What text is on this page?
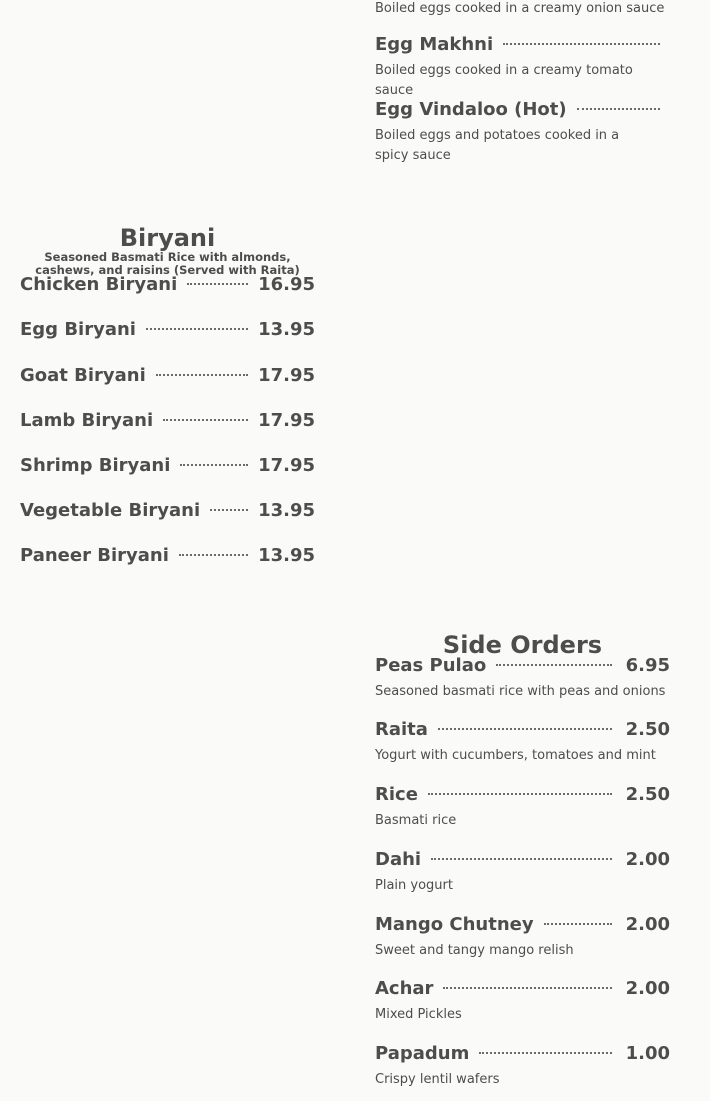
Boiled eggs cooked in a creamy onion sauce
Egg Makhni
Boiled eggs cooked in a creamy tomato sauce
Egg Vindaloo (Hot)
Boiled eggs and potatoes cooked in a spicy sauce
Biryani
Seasoned Basmati Rice with almonds, cashews, and raisins (Served with Raita)
Chicken Biryani	16.95
Egg Biryani	13.95
Goat Biryani	17.95
Lamb Biryani	17.95
Shrimp Biryani	17.95
Vegetable Biryani	13.95
Paneer Biryani	13.95
Side Orders
Peas Pulao	6.95
Seasoned basmati rice with peas and onions
Raita	2.50
Yogurt with cucumbers, tomatoes and mint
Rice	2.50
Basmati rice
Dahi	2.00
Plain yogurt
Mango Chutney	2.00
Sweet and tangy mango relish
Achar	2.00
Mixed Pickles
Papadum	1.00
Crispy lentil wafers
